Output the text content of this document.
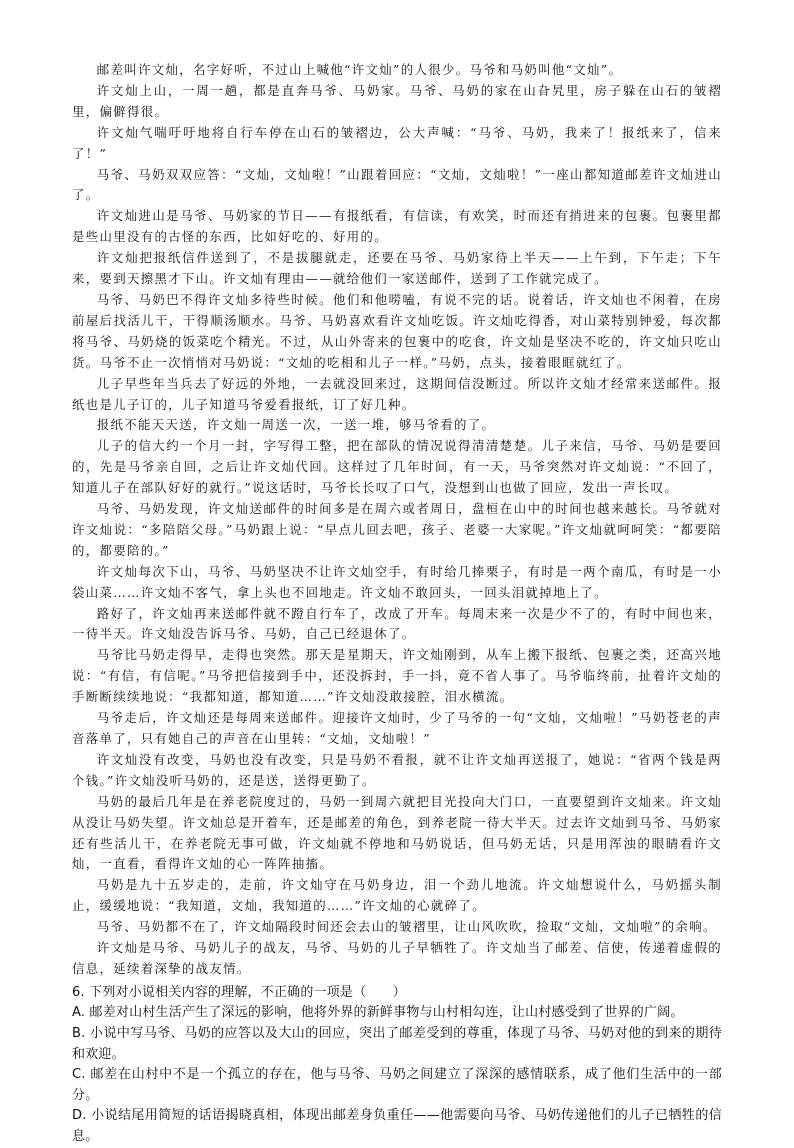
邮差叫许文灿，名字好听，不过山上喊他“许文灿”的人很少。马爷和马奶叫他“文灿”。

许文灿上山，一周一趟，都是直奔马爷、马奶家。马爷、马奶的家在山旮旯里，房子躲在山石的皱褶里，偏僻得很。

许文灿气喘吁吁地将自行车停在山石的皱褶边，公大声喊：“马爷、马奶，我来了！报纸来了，信来了！”

马爷、马奶双双应答：“文灿，文灿啦！”山跟着回应：“文灿，文灿啦！”一座山都知道邮差许文灿进山了。

许文灿进山是马爷、马奶家的节日——有报纸看，有信读，有欢笑，时而还有捎进来的包裹。包裹里都是些山里没有的古怪的东西，比如好吃的、好用的。

许文灿把报纸信件送到了，不是拔腿就走，还要在马爷、马奶家待上半天——上午到，下午走；下午来，要到天擦黑才下山。许文灿有理由——就给他们一家送邮件，送到了工作就完成了。

马爷、马奶巴不得许文灿多待些时候。他们和他唠嗑，有说不完的话。说着话，许文灿也不闲着，在房前屋后找活儿干，干得顺汤顺水。马爷、马奶喜欢看许文灿吃饭。许文灿吃得香，对山菜特别钟爱，每次都将马爷、马奶烧的饭菜吃个精光。不过，从山外寄来的包裹中的吃食，许文灿是坚决不吃的，许文灿只吃山货。马爷不止一次悄悄对马奶说：“文灿的吃相和儿子一样。”马奶，点头，接着眼眶就红了。

儿子早些年当兵去了好远的外地，一去就没回来过，这期间信没断过。所以许文灿才经常来送邮件。报纸也是儿子订的，儿子知道马爷爱看报纸，订了好几种。

报纸不能天天送，许文灿一周送一次，一送一堆，够马爷看的了。

儿子的信大约一个月一封，字写得工整，把在部队的情况说得清清楚楚。儿子来信，马爷、马奶是要回的，先是马爷亲自回，之后让许文灿代回。这样过了几年时间，有一天，马爷突然对许文灿说：“不回了，知道儿子在部队好好的就行。”说这话时，马爷长长叹了口气，没想到山也做了回应，发出一声长叹。

马爷、马奶发现，许文灿送邮件的时间多是在周六或者周日，盘桓在山中的时间也越来越长。马爷就对许文灿说：“多陪陪父母。”马奶跟上说：“早点儿回去吧，孩子、老婆一大家呢。”许文灿就呵呵笑：“都要陪的，都要陪的。”

许文灿每次下山，马爷、马奶坚决不让许文灿空手，有时给几捧栗子，有时是一两个南瓜，有时是一小袋山菜……许文灿不客气，拿上头也不回地走。许文灿不敢回头，一回头泪就掉地上了。

路好了，许文灿再来送邮件就不蹬自行车了，改成了开车。每周末来一次是少不了的，有时中间也来，一待半天。许文灿没告诉马爷、马奶，自己已经退休了。

马爷比马奶走得早，走得也突然。那天是星期天，许文灿刚到，从车上搬下报纸、包裹之类，还高兴地说：“有信，有信呢。”马爷把信接到手中，还没拆封，手一抖，竟不省人事了。马爷临终前，扯着许文灿的手断断续续地说：“我都知道，都知道……”许文灿没敢接腔，泪水横流。

马爷走后，许文灿还是每周来送邮件。迎接许文灿时，少了马爷的一句“文灿，文灿啦！”马奶苍老的声音落单了，只有她自己的声音在山里转：“文灿，文灿啦！”

许文灿没有改变，马奶也没有改变，只是马奶不看报，就不让许文灿再送报了，她说：“省两个钱是两个钱。”许文灿没听马奶的，还是送，送得更勤了。

马奶的最后几年是在养老院度过的，马奶一到周六就把目光投向大门口，一直要望到许文灿来。许文灿从没让马奶失望。许文灿总是开着车，还是邮差的角色，到养老院一待大半天。过去许文灿到马爷、马奶家还有些活儿干，在养老院无事可做，许文灿就不停地和马奶说话，但马奶无话，只是用浑浊的眼睛看许文灿，一直看，看得许文灿的心一阵阵抽搐。

马奶是九十五岁走的，走前，许文灿守在马奶身边，泪一个劲儿地流。许文灿想说什么，马奶摇头制止，缓缓地说：“我知道，文灿，我知道的……”许文灿的心就碎了。

马爷、马奶都不在了，许文灿隔段时间还会去山的皱褶里，让山风吹吹，捡取“文灿，文灿啦”的余响。

许文灿是马爷、马奶儿子的战友，马爷、马奶的儿子早牺牲了。许文灿当了邮差、信使，传递着虚假的信息，延续着深挚的战友情。

6. 下列对小说相关内容的理解，不正确的一项是（　　）

A. 邮差对山村生活产生了深远的影响，他将外界的新鲜事物与山村相勾连，让山村感受到了世界的广阔。

B. 小说中写马爷、马奶的应答以及大山的回应，突出了邮差受到的尊重，体现了马爷、马奶对他的到来的期待和欢迎。

C. 邮差在山村中不是一个孤立的存在，他与马爷、马奶之间建立了深深的感情联系，成了他们生活中的一部分。

D. 小说结尾用简短的话语揭晓真相，体现出邮差身负重任——他需要向马爷、马奶传递他们的儿子已牺牲的信息。
